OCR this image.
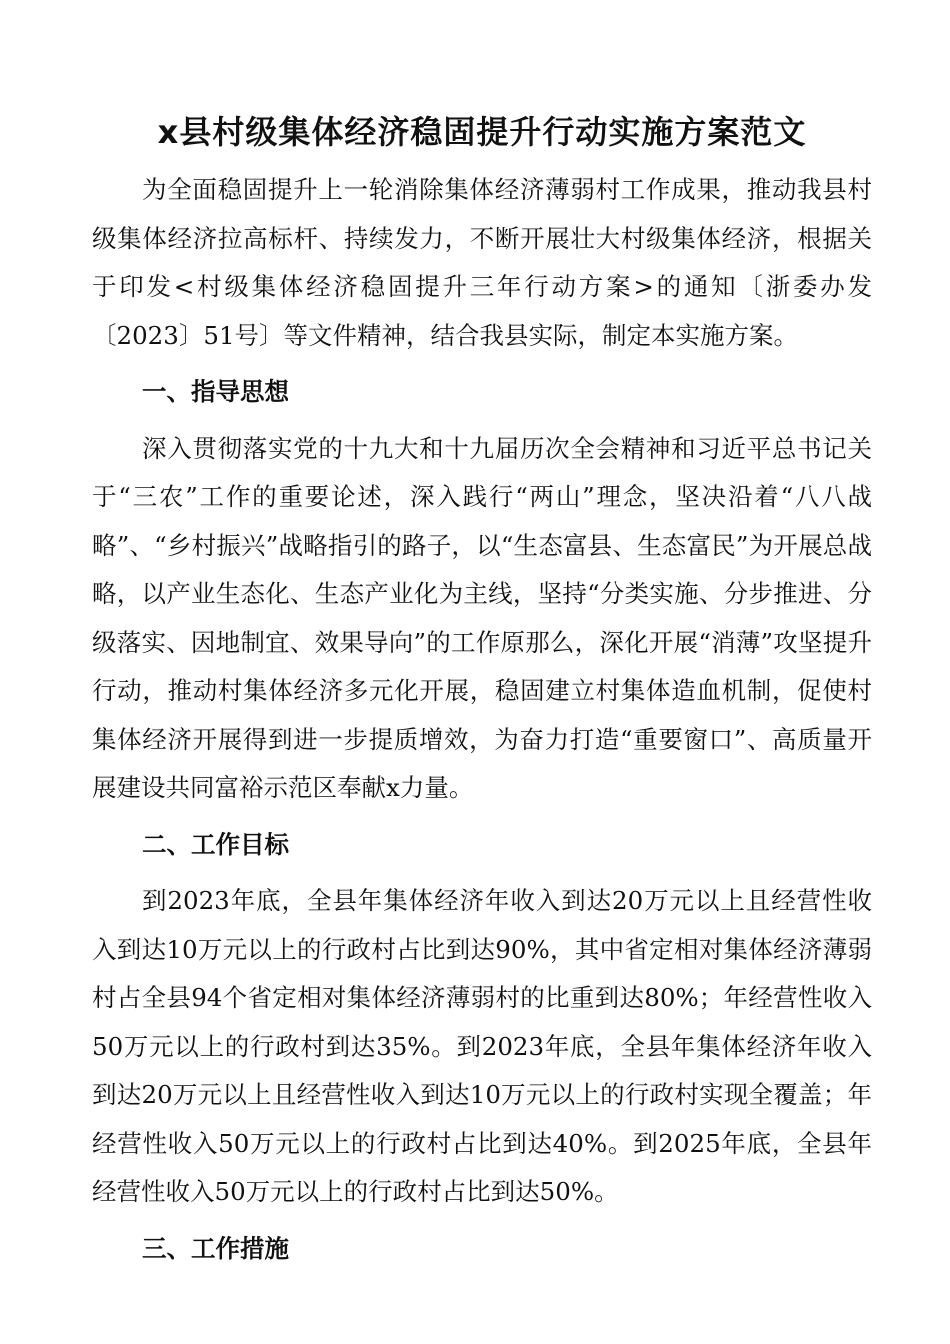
x县村级集体经济稳固提升行动实施方案范文

为全面稳固提升上一轮消除集体经济薄弱村工作成果，推动我县村级集体经济拉高标杆、持续发力，不断开展壮大村级集体经济，根据关于印发<村级集体经济稳固提升三年行动方案>的通知〔浙委办发〔2023〕51号〕等文件精神，结合我县实际，制定本实施方案。

一、指导思想

深入贯彻落实党的十九大和十九届历次全会精神和习近平总书记关于“三农”工作的重要论述，深入践行“两山”理念，坚决沿着“八八战略”、“乡村振兴”战略指引的路子，以“生态富县、生态富民”为开展总战略，以产业生态化、生态产业化为主线，坚持“分类实施、分步推进、分级落实、因地制宜、效果导向”的工作原那么，深化开展“消薄”攻坚提升行动，推动村集体经济多元化开展，稳固建立村集体造血机制，促使村集体经济开展得到进一步提质增效，为奋力打造“重要窗口”、高质量开展建设共同富裕示范区奉献x力量。

二、工作目标

到2023年底，全县年集体经济年收入到达20万元以上且经营性收入到达10万元以上的行政村占比到达90%，其中省定相对集体经济薄弱村占全县94个省定相对集体经济薄弱村的比重到达80%；年经营性收入50万元以上的行政村到达35%。到2023年底，全县年集体经济年收入到达20万元以上且经营性收入到达10万元以上的行政村实现全覆盖；年经营性收入50万元以上的行政村占比到达40%。到2025年底，全县年经营性收入50万元以上的行政村占比到达50%。

三、工作措施
